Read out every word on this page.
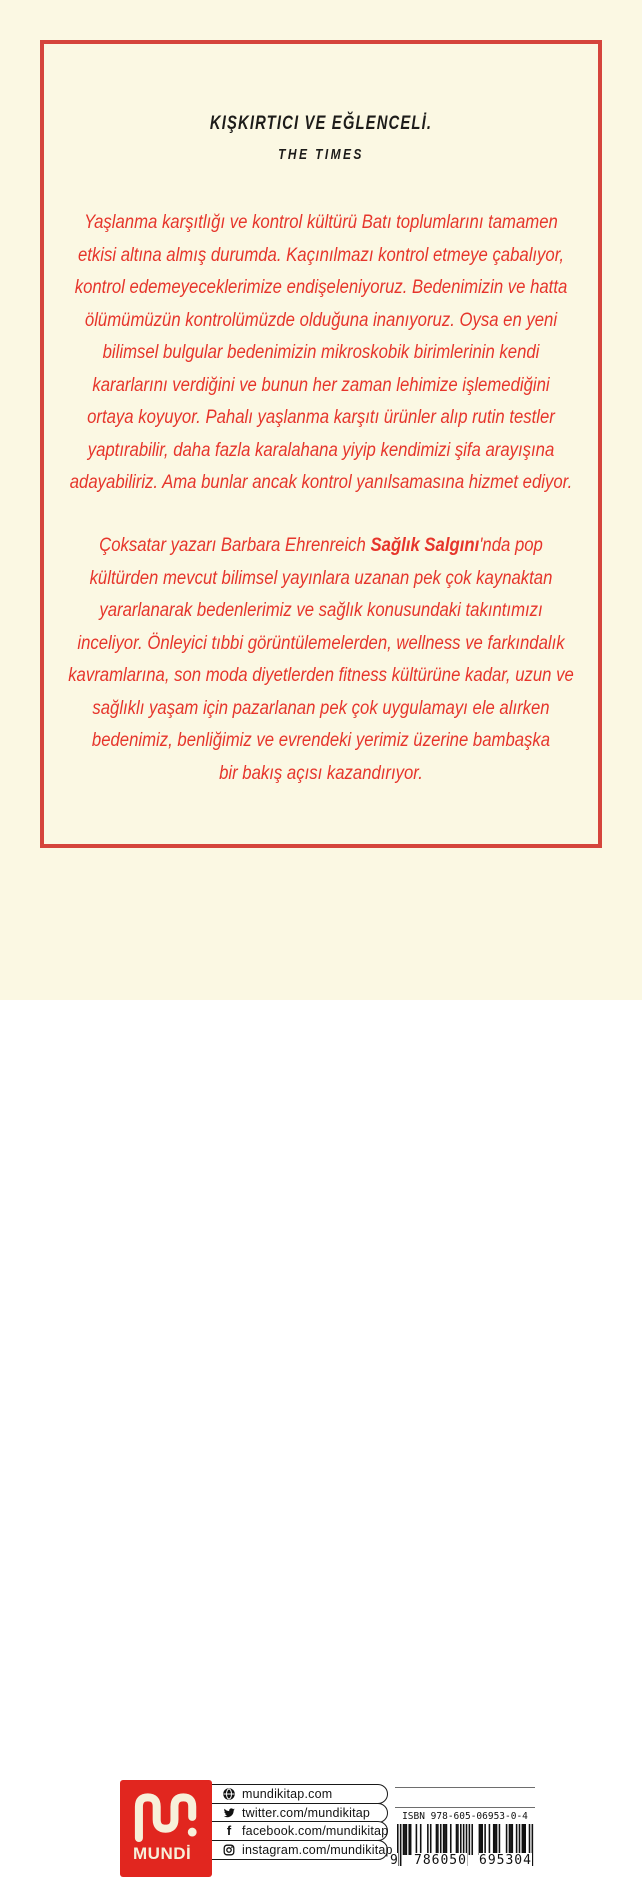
KIŞKIRTICI VE EĞLENCELİ.
THE TIMES
Yaşlanma karşıtlığı ve kontrol kültürü Batı toplumlarını tamamen
etkisi altına almış durumda. Kaçınılmazı kontrol etmeye çabalıyor,
kontrol edemeyeceklerimize endişeleniyoruz. Bedenimizin ve hatta
ölümümüzün kontrolümüzde olduğuna inanıyoruz. Oysa en yeni
bilimsel bulgular bedenimizin mikroskobik birimlerinin kendi
kararlarını verdiğini ve bunun her zaman lehimize işlemediğini
ortaya koyuyor. Pahalı yaşlanma karşıtı ürünler alıp rutin testler
yaptırabilir, daha fazla karalahana yiyip kendimizi şifa arayışına
adayabiliriz. Ama bunlar ancak kontrol yanılsamasına hizmet ediyor.
Çoksatar yazarı Barbara Ehrenreich Sağlık Salgını'nda pop
kültürden mevcut bilimsel yayınlara uzanan pek çok kaynaktan
yararlanarak bedenlerimiz ve sağlık konusundaki takıntımızı
inceliyor. Önleyici tıbbi görüntülemelerden, wellness ve farkındalık
kavramlarına, son moda diyetlerden fitness kültürüne kadar, uzun ve
sağlıklı yaşam için pazarlanan pek çok uygulamayı ele alırken
bedenimiz, benliğimiz ve evrendeki yerimiz üzerine bambaşka
bir bakış açısı kazandırıyor.
mundikitap.com
twitter.com/mundikitap
f facebook.com/mundikitap
instagram.com/mundikitap
MUNDİ
ISBN 978-605-06953-0-4
9 786050 695304
